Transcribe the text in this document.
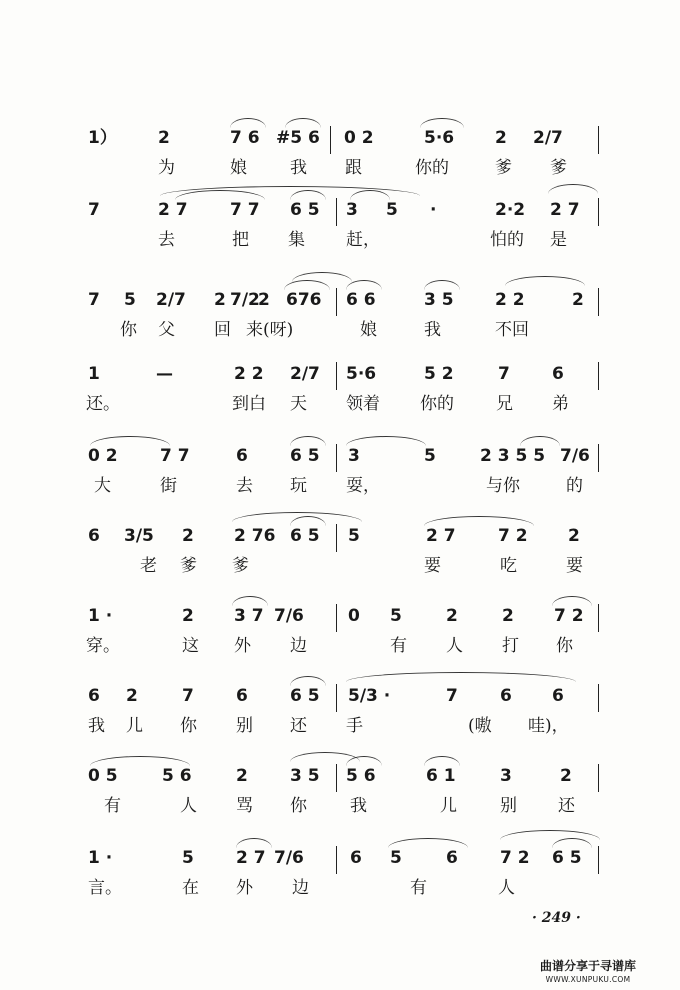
1） 2	7 6 #5 6 0 2	5·6 2 2/7
为	娘	我 跟	你的	爹 爹
7	2 7 7 7 6 5 3 5 ·	2·2 2 7
去	把 集 赶，	怕的 是
7 5 2/7 2 7/2
2 676 6 6	3 5 2 2	2
你 父 回 来(呀)	娘	我	不回
1	—	2 2 2/7 5·6	5 2	7 6
还。	到白 天 领着 你的 兄 弟
0 2 7 7	6 6 5 3	5	2 3 5 5 7/6
大	街	去 玩 耍，	与你	的
6 3/5 2 2 76 6 5 5	2 7 7 2 2
老 爹 爹	要	吃	要
1 ·	2 3 7 7/6	0 5	2	2 7 2
穿。	这 外 边	有 人 打 你
6 2	7 6 6 5 5/3 ·	7 6 6
我 儿 你 别 还 手	(嗷 哇)，
0 5	5 6	2 3 5 5 6	6 1	3	2
有	人 骂 你	我	儿	别 还
1 ·	5 2 7 7/6	6 5	6 7 2 6 5
言。	在 外 边	有	人
· 249 ·
曲谱分享于寻谱库
WWW.XUNPUKU.COM
